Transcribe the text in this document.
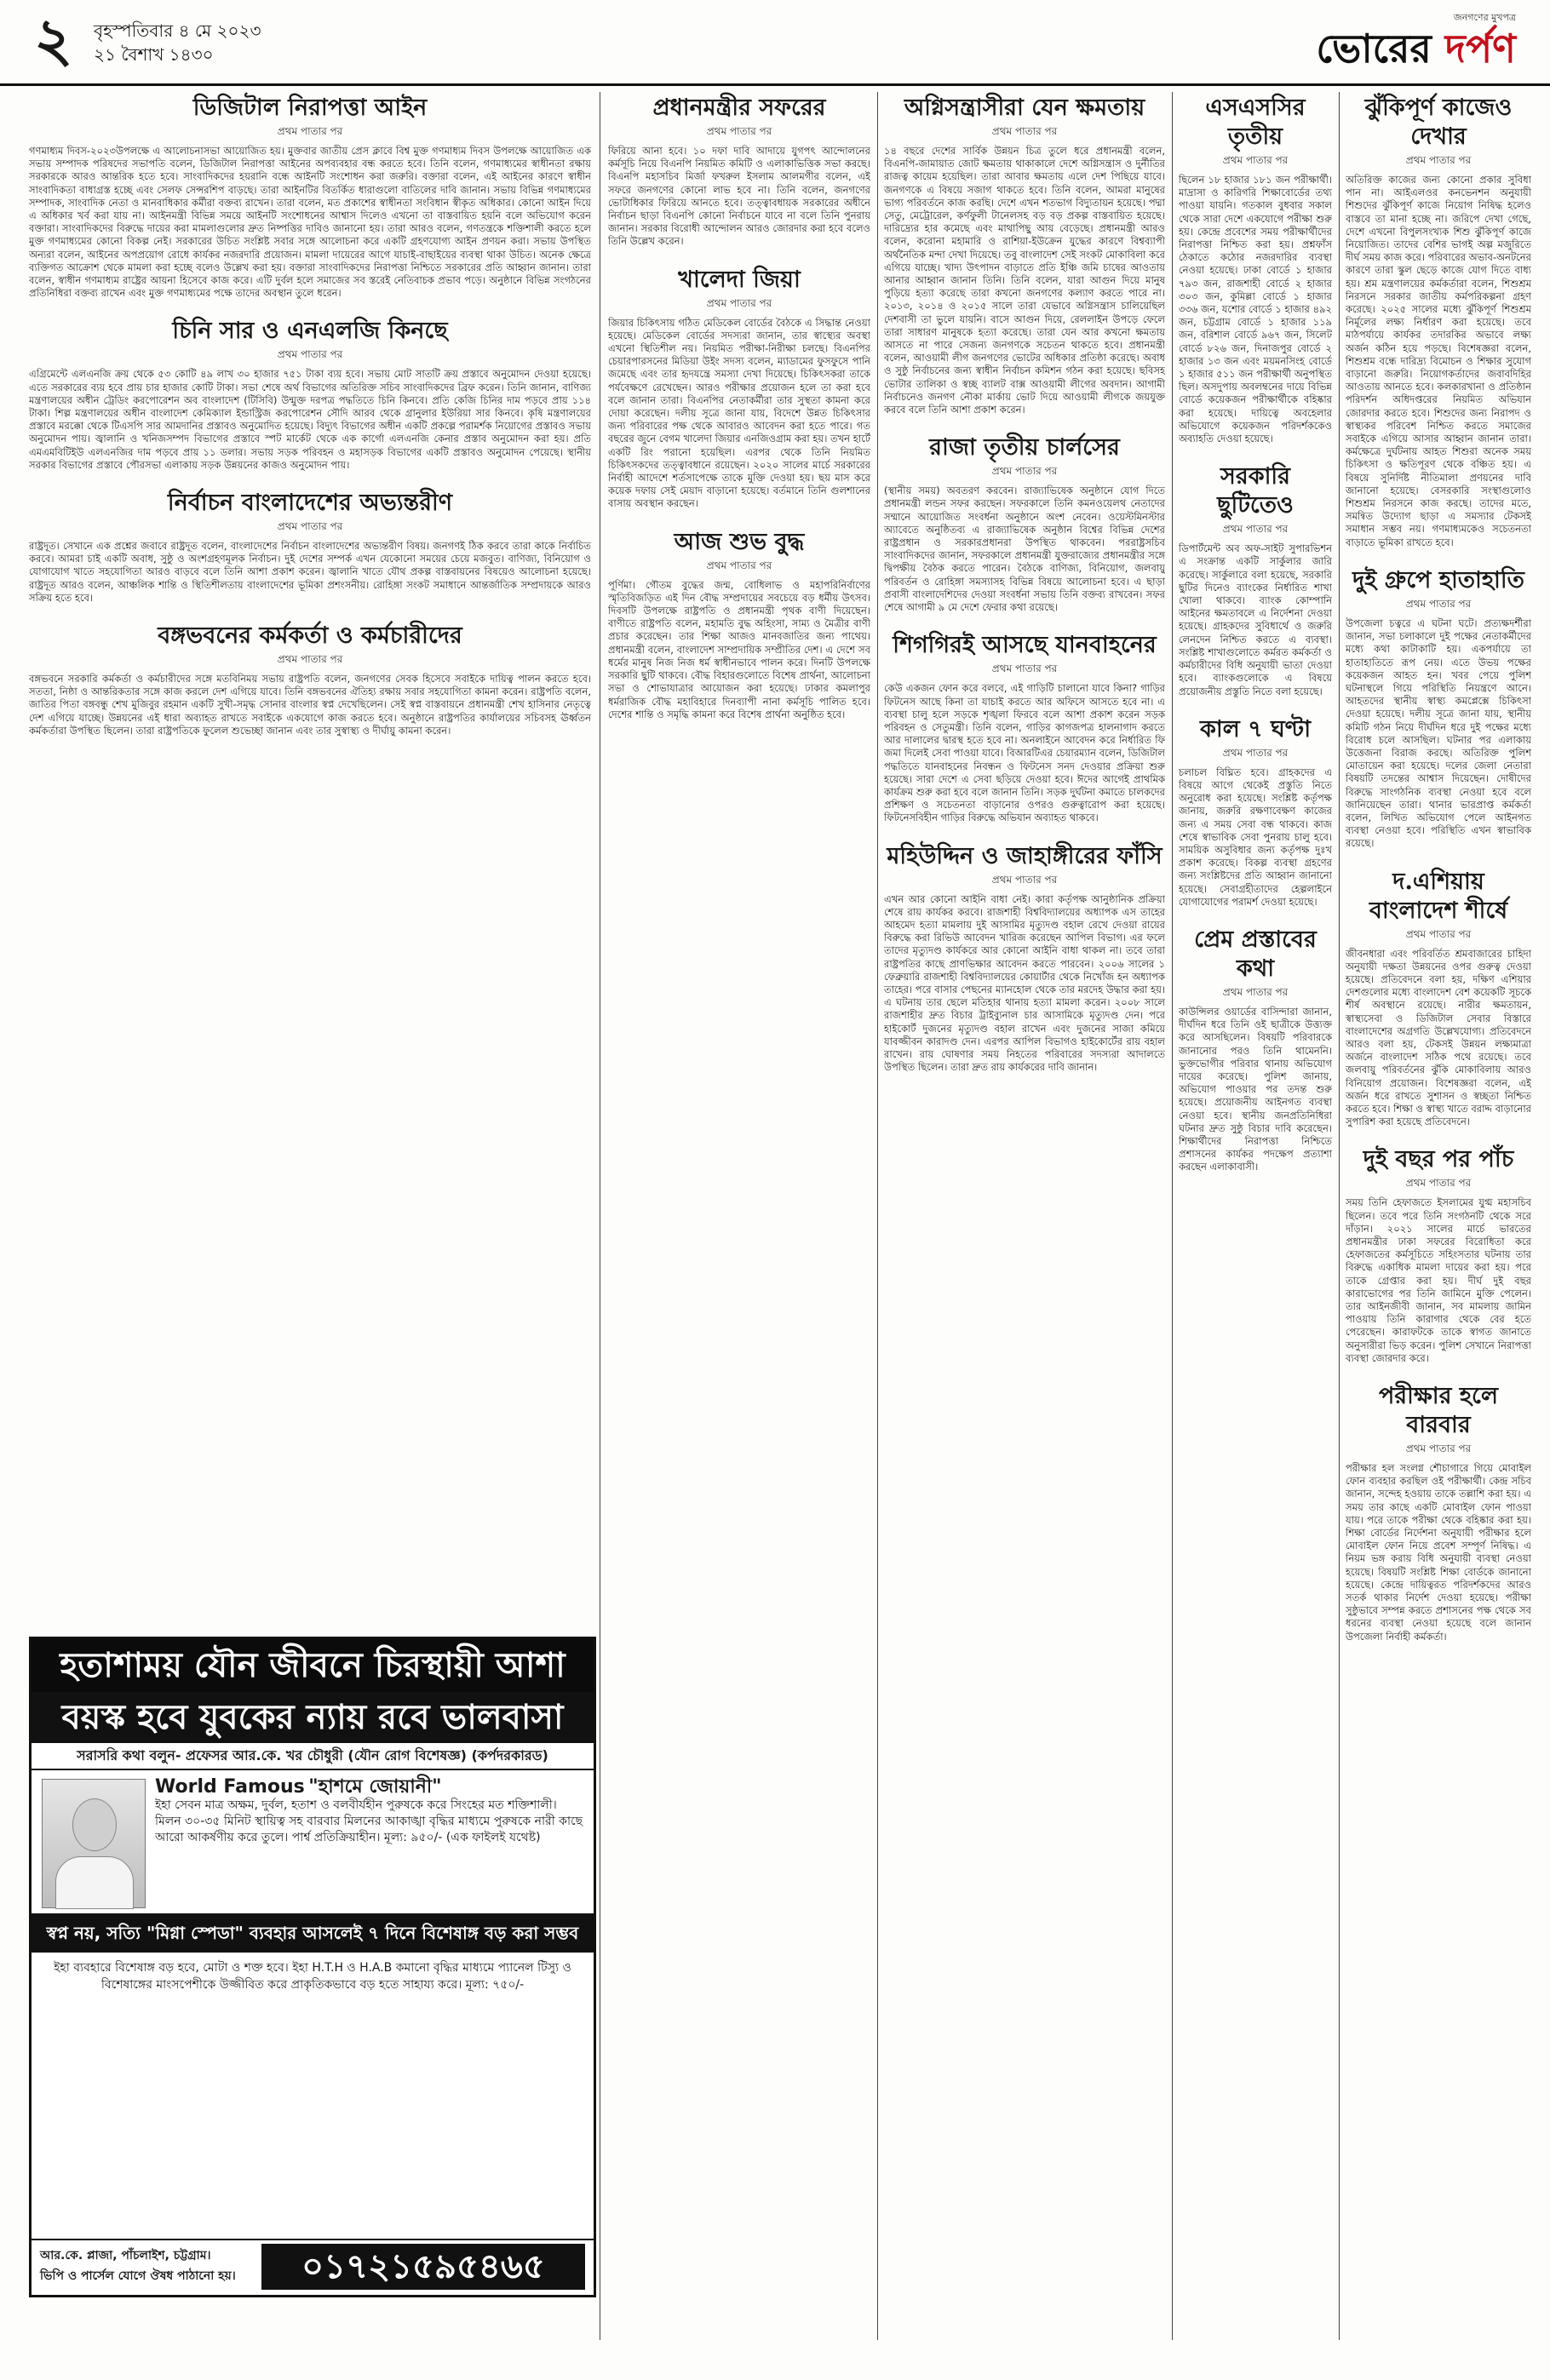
২ বৃহস্পতিবার ৪ মে ২০২৩
২১ বৈশাখ ১৪৩০
জনগণের মুখপত্র
ভোরের দর্পণ
ডিজিটাল নিরাপত্তা আইন
প্রথম পাতার পর
গণমাধ্যম দিবস-২০২৩উপলক্ষে এ আলোচনাসভা আয়োজিত হয়। মুক্তবার জাতীয় প্রেস ক্লাবে বিশ্ব মুক্ত গণমাধ্যম দিবস উপলক্ষে আয়োজিত এক সভায় সম্পাদক পরিষদের সভাপতি বলেন, ডিজিটাল নিরাপত্তা আইনের অপব্যবহার বন্ধ করতে হবে। তিনি বলেন, গণমাধ্যমের স্বাধীনতা রক্ষায় সরকারকে আরও আন্তরিক হতে হবে। সাংবাদিকদের হয়রানি বন্ধে আইনটি সংশোধন করা জরুরি। বক্তারা বলেন, এই আইনের কারণে স্বাধীন সাংবাদিকতা বাধাগ্রস্ত হচ্ছে এবং সেলফ সেন্সরশিপ বাড়ছে। তারা আইনটির বিতর্কিত ধারাগুলো বাতিলের দাবি জানান। সভায় বিভিন্ন গণমাধ্যমের সম্পাদক, সাংবাদিক নেতা ও মানবাধিকার কর্মীরা বক্তব্য রাখেন। তারা বলেন, মত প্রকাশের স্বাধীনতা সংবিধান স্বীকৃত অধিকার। কোনো আইন দিয়ে এ অধিকার খর্ব করা যায় না। আইনমন্ত্রী বিভিন্ন সময়ে আইনটি সংশোধনের আশ্বাস দিলেও এখনো তা বাস্তবায়িত হয়নি বলে অভিযোগ করেন বক্তারা। সাংবাদিকদের বিরুদ্ধে দায়ের করা মামলাগুলোর দ্রুত নিষ্পত্তির দাবিও জানানো হয়। তারা আরও বলেন, গণতন্ত্রকে শক্তিশালী করতে হলে মুক্ত গণমাধ্যমের কোনো বিকল্প নেই। সরকারের উচিত সংশ্লিষ্ট সবার সঙ্গে আলোচনা করে একটি গ্রহণযোগ্য আইন প্রণয়ন করা। সভায় উপস্থিত অন্যরা বলেন, আইনের অপপ্রয়োগ রোধে কার্যকর নজরদারি প্রয়োজন। মামলা দায়েরের আগে যাচাই-বাছাইয়ের ব্যবস্থা থাকা উচিত। অনেক ক্ষেত্রে ব্যক্তিগত আক্রোশ থেকে মামলা করা হচ্ছে বলেও উল্লেখ করা হয়। বক্তারা সাংবাদিকদের নিরাপত্তা নিশ্চিতে সরকারের প্রতি আহ্বান জানান। তারা বলেন, স্বাধীন গণমাধ্যম রাষ্ট্রের আয়না হিসেবে কাজ করে। এটি দুর্বল হলে সমাজের সব স্তরেই নেতিবাচক প্রভাব পড়ে। অনুষ্ঠানে বিভিন্ন সংগঠনের প্রতিনিধিরা বক্তব্য রাখেন এবং মুক্ত গণমাধ্যমের পক্ষে তাদের অবস্থান তুলে ধরেন।
চিনি সার ও এনএলজি কিনছে
প্রথম পাতার পর
এগ্রিমেন্টে এলএনজি ক্রয় থেকে ৫৩ কোটি ৪৯ লাখ ৩০ হাজার ৭৫১ টাকা ব্যয় হবে। সভায় মোট সাতটি ক্রয় প্রস্তাবে অনুমোদন দেওয়া হয়েছে। এতে সরকারের ব্যয় হবে প্রায় চার হাজার কোটি টাকা। সভা শেষে অর্থ বিভাগের অতিরিক্ত সচিব সাংবাদিকদের ব্রিফ করেন। তিনি জানান, বাণিজ্য মন্ত্রণালয়ের অধীন ট্রেডিং করপোরেশন অব বাংলাদেশ (টিসিবি) উন্মুক্ত দরপত্র পদ্ধতিতে চিনি কিনবে। প্রতি কেজি চিনির দাম পড়বে প্রায় ১১৪ টাকা। শিল্প মন্ত্রণালয়ের অধীন বাংলাদেশ কেমিক্যাল ইন্ডাস্ট্রিজ করপোরেশন সৌদি আরব থেকে গ্রানুলার ইউরিয়া সার কিনবে। কৃষি মন্ত্রণালয়ের প্রস্তাবে মরক্কো থেকে টিএসপি সার আমদানির প্রস্তাবও অনুমোদিত হয়েছে। বিদ্যুৎ বিভাগের অধীন একটি প্রকল্পে পরামর্শক নিয়োগের প্রস্তাবও সভায় অনুমোদন পায়। জ্বালানি ও খনিজসম্পদ বিভাগের প্রস্তাবে স্পট মার্কেট থেকে এক কার্গো এলএনজি কেনার প্রস্তাব অনুমোদন করা হয়। প্রতি এমএমবিটিইউ এলএনজির দাম পড়বে প্রায় ১১ ডলার। সভায় সড়ক পরিবহন ও মহাসড়ক বিভাগের একটি প্রস্তাবও অনুমোদন পেয়েছে। স্থানীয় সরকার বিভাগের প্রস্তাবে পৌরসভা এলাকায় সড়ক উন্নয়নের কাজও অনুমোদন পায়।
নির্বাচন বাংলাদেশের অভ্যন্তরীণ
প্রথম পাতার পর
রাষ্ট্রদূত। সেখানে এক প্রশ্নের জবাবে রাষ্ট্রদূত বলেন, বাংলাদেশের নির্বাচন বাংলাদেশের অভ্যন্তরীণ বিষয়। জনগণই ঠিক করবে তারা কাকে নির্বাচিত করবে। আমরা চাই একটি অবাধ, সুষ্ঠু ও অংশগ্রহণমূলক নির্বাচন। দুই দেশের সম্পর্ক এখন যেকোনো সময়ের চেয়ে মজবুত। বাণিজ্য, বিনিয়োগ ও যোগাযোগ খাতে সহযোগিতা আরও বাড়বে বলে তিনি আশা প্রকাশ করেন। জ্বালানি খাতে যৌথ প্রকল্প বাস্তবায়নের বিষয়েও আলোচনা হয়েছে। রাষ্ট্রদূত আরও বলেন, আঞ্চলিক শান্তি ও স্থিতিশীলতায় বাংলাদেশের ভূমিকা প্রশংসনীয়। রোহিঙ্গা সংকট সমাধানে আন্তর্জাতিক সম্প্রদায়কে আরও সক্রিয় হতে হবে।
বঙ্গভবনের কর্মকর্তা ও কর্মচারীদের
প্রথম পাতার পর
বঙ্গভবনে সরকারি কর্মকর্তা ও কর্মচারীদের সঙ্গে মতবিনিময় সভায় রাষ্ট্রপতি বলেন, জনগণের সেবক হিসেবে সবাইকে দায়িত্ব পালন করতে হবে। সততা, নিষ্ঠা ও আন্তরিকতার সঙ্গে কাজ করলে দেশ এগিয়ে যাবে। তিনি বঙ্গভবনের ঐতিহ্য রক্ষায় সবার সহযোগিতা কামনা করেন। রাষ্ট্রপতি বলেন, জাতির পিতা বঙ্গবন্ধু শেখ মুজিবুর রহমান একটি সুখী-সমৃদ্ধ সোনার বাংলার স্বপ্ন দেখেছিলেন। সেই স্বপ্ন বাস্তবায়নে প্রধানমন্ত্রী শেখ হাসিনার নেতৃত্বে দেশ এগিয়ে যাচ্ছে। উন্নয়নের এই ধারা অব্যাহত রাখতে সবাইকে একযোগে কাজ করতে হবে। অনুষ্ঠানে রাষ্ট্রপতির কার্যালয়ের সচিবসহ ঊর্ধ্বতন কর্মকর্তারা উপস্থিত ছিলেন। তারা রাষ্ট্রপতিকে ফুলেল শুভেচ্ছা জানান এবং তার সুস্বাস্থ্য ও দীর্ঘায়ু কামনা করেন।
প্রধানমন্ত্রীর সফরের
প্রথম পাতার পর
ফিরিয়ে আনা হবে। ১০ দফা দাবি আদায়ে যুগপৎ আন্দোলনের কর্মসূচি নিয়ে বিএনপি নিয়মিত কমিটি ও এলাকাভিত্তিক সভা করছে। বিএনপি মহাসচিব মির্জা ফখরুল ইসলাম আলমগীর বলেন, এই সফরে জনগণের কোনো লাভ হবে না। তিনি বলেন, জনগণের ভোটাধিকার ফিরিয়ে আনতে হবে। তত্ত্বাবধায়ক সরকারের অধীনে নির্বাচন ছাড়া বিএনপি কোনো নির্বাচনে যাবে না বলে তিনি পুনরায় জানান। সরকার বিরোধী আন্দোলন আরও জোরদার করা হবে বলেও তিনি উল্লেখ করেন।
খালেদা জিয়া
প্রথম পাতার পর
জিয়ার চিকিৎসায় গঠিত মেডিকেল বোর্ডের বৈঠকে এ সিদ্ধান্ত নেওয়া হয়েছে। মেডিকেল বোর্ডের সদস্যরা জানান, তার স্বাস্থ্যের অবস্থা এখনো স্থিতিশীল নয়। নিয়মিত পরীক্ষা-নিরীক্ষা চলছে। বিএনপির চেয়ারপারসনের মিডিয়া উইং সদস্য বলেন, ম্যাডামের ফুসফুসে পানি জমেছে এবং তার হৃদযন্ত্রে সমস্যা দেখা দিয়েছে। চিকিৎসকরা তাকে পর্যবেক্ষণে রেখেছেন। আরও পরীক্ষার প্রয়োজন হলে তা করা হবে বলে জানান তারা। বিএনপির নেতাকর্মীরা তার সুস্থতা কামনা করে দোয়া করেছেন। দলীয় সূত্রে জানা যায়, বিদেশে উন্নত চিকিৎসার জন্য পরিবারের পক্ষ থেকে আবারও আবেদন করা হতে পারে। গত বছরের জুনে বেগম খালেদা জিয়ার এনজিওগ্রাম করা হয়। তখন হার্টে একটি রিং পরানো হয়েছিল। এরপর থেকে তিনি নিয়মিত চিকিৎসকদের তত্ত্বাবধানে রয়েছেন। ২০২০ সালের মার্চে সরকারের নির্বাহী আদেশে শর্তসাপেক্ষে তাকে মুক্তি দেওয়া হয়। ছয় মাস করে কয়েক দফায় সেই মেয়াদ বাড়ানো হয়েছে। বর্তমানে তিনি গুলশানের বাসায় অবস্থান করছেন।
আজ শুভ বুদ্ধ
প্রথম পাতার পর
পূর্ণিমা। গৌতম বুদ্ধের জন্ম, বোধিলাভ ও মহাপরিনির্বাণের স্মৃতিবিজড়িত এই দিন বৌদ্ধ সম্প্রদায়ের সবচেয়ে বড় ধর্মীয় উৎসব। দিবসটি উপলক্ষে রাষ্ট্রপতি ও প্রধানমন্ত্রী পৃথক বাণী দিয়েছেন। বাণীতে রাষ্ট্রপতি বলেন, মহামতি বুদ্ধ অহিংসা, সাম্য ও মৈত্রীর বাণী প্রচার করেছেন। তার শিক্ষা আজও মানবজাতির জন্য পাথেয়। প্রধানমন্ত্রী বলেন, বাংলাদেশ সাম্প্রদায়িক সম্প্রীতির দেশ। এ দেশে সব ধর্মের মানুষ নিজ নিজ ধর্ম স্বাধীনভাবে পালন করে। দিনটি উপলক্ষে সরকারি ছুটি থাকবে। বৌদ্ধ বিহারগুলোতে বিশেষ প্রার্থনা, আলোচনা সভা ও শোভাযাত্রার আয়োজন করা হয়েছে। ঢাকার কমলাপুর ধর্মরাজিক বৌদ্ধ মহাবিহারে দিনব্যাপী নানা কর্মসূচি পালিত হবে। দেশের শান্তি ও সমৃদ্ধি কামনা করে বিশেষ প্রার্থনা অনুষ্ঠিত হবে।
অগ্নিসন্ত্রাসীরা যেন ক্ষমতায়
প্রথম পাতার পর
১৪ বছরে দেশের সার্বিক উন্নয়ন চিত্র তুলে ধরে প্রধানমন্ত্রী বলেন, বিএনপি-জামায়াত জোট ক্ষমতায় থাকাকালে দেশে অগ্নিসন্ত্রাস ও দুর্নীতির রাজত্ব কায়েম হয়েছিল। তারা আবার ক্ষমতায় এলে দেশ পিছিয়ে যাবে। জনগণকে এ বিষয়ে সজাগ থাকতে হবে। তিনি বলেন, আমরা মানুষের ভাগ্য পরিবর্তনে কাজ করছি। দেশে এখন শতভাগ বিদ্যুতায়ন হয়েছে। পদ্মা সেতু, মেট্রোরেল, কর্ণফুলী টানেলসহ বড় বড় প্রকল্প বাস্তবায়িত হয়েছে। দারিদ্র্যের হার কমেছে এবং মাথাপিছু আয় বেড়েছে। প্রধানমন্ত্রী আরও বলেন, করোনা মহামারি ও রাশিয়া-ইউক্রেন যুদ্ধের কারণে বিশ্বব্যাপী অর্থনৈতিক মন্দা দেখা দিয়েছে। তবু বাংলাদেশ সেই সংকট মোকাবিলা করে এগিয়ে যাচ্ছে। খাদ্য উৎপাদন বাড়াতে প্রতি ইঞ্চি জমি চাষের আওতায় আনার আহ্বান জানান তিনি। তিনি বলেন, যারা আগুন দিয়ে মানুষ পুড়িয়ে হত্যা করেছে তারা কখনো জনগণের কল্যাণ করতে পারে না। ২০১৩, ২০১৪ ও ২০১৫ সালে তারা যেভাবে অগ্নিসন্ত্রাস চালিয়েছিল দেশবাসী তা ভুলে যায়নি। বাসে আগুন দিয়ে, রেললাইন উপড়ে ফেলে তারা সাধারণ মানুষকে হত্যা করেছে। তারা যেন আর কখনো ক্ষমতায় আসতে না পারে সেজন্য জনগণকে সচেতন থাকতে হবে। প্রধানমন্ত্রী বলেন, আওয়ামী লীগ জনগণের ভোটের অধিকার প্রতিষ্ঠা করেছে। অবাধ ও সুষ্ঠু নির্বাচনের জন্য স্বাধীন নির্বাচন কমিশন গঠন করা হয়েছে। ছবিসহ ভোটার তালিকা ও স্বচ্ছ ব্যালট বাক্স আওয়ামী লীগের অবদান। আগামী নির্বাচনেও জনগণ নৌকা মার্কায় ভোট দিয়ে আওয়ামী লীগকে জয়যুক্ত করবে বলে তিনি আশা প্রকাশ করেন।
রাজা তৃতীয় চার্লসের
প্রথম পাতার পর
(স্থানীয় সময়) অবতরণ করবেন। রাজ্যাভিষেক অনুষ্ঠানে যোগ দিতে প্রধানমন্ত্রী লন্ডন সফর করছেন। সফরকালে তিনি কমনওয়েলথ নেতাদের সম্মানে আয়োজিত সংবর্ধনা অনুষ্ঠানে অংশ নেবেন। ওয়েস্টমিনস্টার অ্যাবেতে অনুষ্ঠিতব্য এ রাজ্যাভিষেক অনুষ্ঠান বিশ্বের বিভিন্ন দেশের রাষ্ট্রপ্রধান ও সরকারপ্রধানরা উপস্থিত থাকবেন। পররাষ্ট্রসচিব সাংবাদিকদের জানান, সফরকালে প্রধানমন্ত্রী যুক্তরাজ্যের প্রধানমন্ত্রীর সঙ্গে দ্বিপক্ষীয় বৈঠক করতে পারেন। বৈঠকে বাণিজ্য, বিনিয়োগ, জলবায়ু পরিবর্তন ও রোহিঙ্গা সমস্যাসহ বিভিন্ন বিষয়ে আলোচনা হবে। এ ছাড়া প্রবাসী বাংলাদেশিদের দেওয়া সংবর্ধনা সভায় তিনি বক্তব্য রাখবেন। সফর শেষে আগামী ৯ মে দেশে ফেরার কথা রয়েছে।
শিগগিরই আসছে যানবাহনের
প্রথম পাতার পর
কেউ একজন ফোন করে বলবে, এই গাড়িটি চালানো যাবে কিনা? গাড়ির ফিটনেস আছে কিনা তা যাচাই করতে আর অফিসে আসতে হবে না। এ ব্যবস্থা চালু হলে সড়কে শৃঙ্খলা ফিরবে বলে আশা প্রকাশ করেন সড়ক পরিবহন ও সেতুমন্ত্রী। তিনি বলেন, গাড়ির কাগজপত্র হালনাগাদ করতে আর দালালের দ্বারস্থ হতে হবে না। অনলাইনে আবেদন করে নির্ধারিত ফি জমা দিলেই সেবা পাওয়া যাবে। বিআরটিএর চেয়ারম্যান বলেন, ডিজিটাল পদ্ধতিতে যানবাহনের নিবন্ধন ও ফিটনেস সনদ দেওয়ার প্রক্রিয়া শুরু হয়েছে। সারা দেশে এ সেবা ছড়িয়ে দেওয়া হবে। ঈদের আগেই প্রাথমিক কার্যক্রম শুরু করা হবে বলে জানান তিনি। সড়ক দুর্ঘটনা কমাতে চালকদের প্রশিক্ষণ ও সচেতনতা বাড়ানোর ওপরও গুরুত্বারোপ করা হয়েছে। ফিটনেসবিহীন গাড়ির বিরুদ্ধে অভিযান অব্যাহত থাকবে।
মহিউদ্দিন ও জাহাঙ্গীরের ফাঁসি
প্রথম পাতার পর
এখন আর কোনো আইনি বাধা নেই। কারা কর্তৃপক্ষ আনুষ্ঠানিক প্রক্রিয়া শেষে রায় কার্যকর করবে। রাজশাহী বিশ্ববিদ্যালয়ের অধ্যাপক এস তাহের আহমেদ হত্যা মামলায় দুই আসামির মৃত্যুদণ্ড বহাল রেখে দেওয়া রায়ের বিরুদ্ধে করা রিভিউ আবেদন খারিজ করেছেন আপিল বিভাগ। এর ফলে তাদের মৃত্যুদণ্ড কার্যকরে আর কোনো আইনি বাধা থাকল না। তবে তারা রাষ্ট্রপতির কাছে প্রাণভিক্ষার আবেদন করতে পারবেন। ২০০৬ সালের ১ ফেব্রুয়ারি রাজশাহী বিশ্ববিদ্যালয়ের কোয়ার্টার থেকে নিখোঁজ হন অধ্যাপক তাহের। পরে বাসার পেছনের ম্যানহোল থেকে তার মরদেহ উদ্ধার করা হয়। এ ঘটনায় তার ছেলে মতিহার থানায় হত্যা মামলা করেন। ২০০৮ সালে রাজশাহীর দ্রুত বিচার ট্রাইব্যুনাল চার আসামিকে মৃত্যুদণ্ড দেন। পরে হাইকোর্ট দুজনের মৃত্যুদণ্ড বহাল রাখেন এবং দুজনের সাজা কমিয়ে যাবজ্জীবন কারাদণ্ড দেন। এরপর আপিল বিভাগও হাইকোর্টের রায় বহাল রাখেন। রায় ঘোষণার সময় নিহতের পরিবারের সদস্যরা আদালতে উপস্থিত ছিলেন। তারা দ্রুত রায় কার্যকরের দাবি জানান।
এসএসসির তৃতীয়
প্রথম পাতার পর
ছিলেন ১৮ হাজার ১৮১ জন পরীক্ষার্থী। মাদ্রাসা ও কারিগরি শিক্ষাবোর্ডের তথ্য পাওয়া যায়নি। গতকাল বুধবার সকাল থেকে সারা দেশে একযোগে পরীক্ষা শুরু হয়। কেন্দ্রে প্রবেশের সময় পরীক্ষার্থীদের নিরাপত্তা নিশ্চিত করা হয়। প্রশ্নফাঁস ঠেকাতে কঠোর নজরদারির ব্যবস্থা নেওয়া হয়েছে। ঢাকা বোর্ডে ১ হাজার ৭৯৩ জন, রাজশাহী বোর্ডে ২ হাজার ৩০৩ জন, কুমিল্লা বোর্ডে ১ হাজার ৩৩৬ জন, যশোর বোর্ডে ১ হাজার ৪৯২ জন, চট্টগ্রাম বোর্ডে ১ হাজার ১১৯ জন, বরিশাল বোর্ডে ৯৬৭ জন, সিলেট বোর্ডে ৮২৬ জন, দিনাজপুর বোর্ডে ২ হাজার ১৩ জন এবং ময়মনসিংহ বোর্ডে ১ হাজার ৫১১ জন পরীক্ষার্থী অনুপস্থিত ছিল। অসদুপায় অবলম্বনের দায়ে বিভিন্ন বোর্ডে কয়েকজন পরীক্ষার্থীকে বহিষ্কার করা হয়েছে। দায়িত্বে অবহেলার অভিযোগে কয়েকজন পরিদর্শককেও অব্যাহতি দেওয়া হয়েছে।
সরকারি ছুটিতেও
প্রথম পাতার পর
ডিপার্টমেন্ট অব অফ-সাইট সুপারভিশন এ সংক্রান্ত একটি সার্কুলার জারি করেছে। সার্কুলারে বলা হয়েছে, সরকারি ছুটির দিনেও ব্যাংকের নির্ধারিত শাখা খোলা থাকবে। ব্যাংক কোম্পানি আইনের ক্ষমতাবলে এ নির্দেশনা দেওয়া হয়েছে। গ্রাহকদের সুবিধার্থে ও জরুরি লেনদেন নিশ্চিত করতে এ ব্যবস্থা। সংশ্লিষ্ট শাখাগুলোতে কর্মরত কর্মকর্তা ও কর্মচারীদের বিধি অনুযায়ী ভাতা দেওয়া হবে। ব্যাংকগুলোকে এ বিষয়ে প্রয়োজনীয় প্রস্তুতি নিতে বলা হয়েছে।
কাল ৭ ঘণ্টা
প্রথম পাতার পর
চলাচল বিঘ্নিত হবে। গ্রাহকদের এ বিষয়ে আগে থেকেই প্রস্তুতি নিতে অনুরোধ করা হয়েছে। সংশ্লিষ্ট কর্তৃপক্ষ জানায়, জরুরি রক্ষণাবেক্ষণ কাজের জন্য এ সময় সেবা বন্ধ থাকবে। কাজ শেষে স্বাভাবিক সেবা পুনরায় চালু হবে। সাময়িক অসুবিধার জন্য কর্তৃপক্ষ দুঃখ প্রকাশ করেছে। বিকল্প ব্যবস্থা গ্রহণের জন্য সংশ্লিষ্টদের প্রতি আহ্বান জানানো হয়েছে। সেবাগ্রহীতাদের হেল্পলাইনে যোগাযোগের পরামর্শ দেওয়া হয়েছে।
প্রেম প্রস্তাবের কথা
প্রথম পাতার পর
কাউন্সিলর ওয়ার্ডের বাসিন্দারা জানান, দীর্ঘদিন ধরে তিনি ওই ছাত্রীকে উত্ত্যক্ত করে আসছিলেন। বিষয়টি পরিবারকে জানানোর পরও তিনি থামেননি। ভুক্তভোগীর পরিবার থানায় অভিযোগ দায়ের করেছে। পুলিশ জানায়, অভিযোগ পাওয়ার পর তদন্ত শুরু হয়েছে। প্রয়োজনীয় আইনগত ব্যবস্থা নেওয়া হবে। স্থানীয় জনপ্রতিনিধিরা ঘটনার দ্রুত সুষ্ঠু বিচার দাবি করেছেন। শিক্ষার্থীদের নিরাপত্তা নিশ্চিতে প্রশাসনের কার্যকর পদক্ষেপ প্রত্যাশা করছেন এলাকাবাসী।
ঝুঁকিপূর্ণ কাজেও দেখার
প্রথম পাতার পর
অতিরিক্ত কাজের জন্য কোনো প্রকার সুবিধা পান না। আইএলওর কনভেনশন অনুযায়ী শিশুদের ঝুঁকিপূর্ণ কাজে নিয়োগ নিষিদ্ধ হলেও বাস্তবে তা মানা হচ্ছে না। জরিপে দেখা গেছে, দেশে এখনো বিপুলসংখ্যক শিশু ঝুঁকিপূর্ণ কাজে নিয়োজিত। তাদের বেশির ভাগই অল্প মজুরিতে দীর্ঘ সময় কাজ করে। পরিবারের অভাব-অনটনের কারণে তারা স্কুল ছেড়ে কাজে যোগ দিতে বাধ্য হয়। শ্রম মন্ত্রণালয়ের কর্মকর্তারা বলেন, শিশুশ্রম নিরসনে সরকার জাতীয় কর্মপরিকল্পনা গ্রহণ করেছে। ২০২৫ সালের মধ্যে ঝুঁকিপূর্ণ শিশুশ্রম নির্মূলের লক্ষ্য নির্ধারণ করা হয়েছে। তবে মাঠপর্যায়ে কার্যকর তদারকির অভাবে লক্ষ্য অর্জন কঠিন হয়ে পড়ছে। বিশেষজ্ঞরা বলেন, শিশুশ্রম বন্ধে দারিদ্র্য বিমোচন ও শিক্ষার সুযোগ বাড়ানো জরুরি। নিয়োগকর্তাদের জবাবদিহির আওতায় আনতে হবে। কলকারখানা ও প্রতিষ্ঠান পরিদর্শন অধিদপ্তরের নিয়মিত অভিযান জোরদার করতে হবে। শিশুদের জন্য নিরাপদ ও স্বাস্থ্যকর পরিবেশ নিশ্চিত করতে সমাজের সবাইকে এগিয়ে আসার আহ্বান জানান তারা। কর্মক্ষেত্রে দুর্ঘটনায় আহত শিশুরা অনেক সময় চিকিৎসা ও ক্ষতিপূরণ থেকে বঞ্চিত হয়। এ বিষয়ে সুনির্দিষ্ট নীতিমালা প্রণয়নের দাবি জানানো হয়েছে। বেসরকারি সংস্থাগুলোও শিশুশ্রম নিরসনে কাজ করছে। তাদের মতে, সমন্বিত উদ্যোগ ছাড়া এ সমস্যার টেকসই সমাধান সম্ভব নয়। গণমাধ্যমকেও সচেতনতা বাড়াতে ভূমিকা রাখতে হবে।
দুই গ্রুপে হাতাহাতি
প্রথম পাতার পর
উপজেলা চত্বরে এ ঘটনা ঘটে। প্রত্যক্ষদর্শীরা জানান, সভা চলাকালে দুই পক্ষের নেতাকর্মীদের মধ্যে কথা কাটাকাটি হয়। একপর্যায়ে তা হাতাহাতিতে রূপ নেয়। এতে উভয় পক্ষের কয়েকজন আহত হন। খবর পেয়ে পুলিশ ঘটনাস্থলে গিয়ে পরিস্থিতি নিয়ন্ত্রণে আনে। আহতদের স্থানীয় স্বাস্থ্য কমপ্লেক্সে চিকিৎসা দেওয়া হয়েছে। দলীয় সূত্রে জানা যায়, স্থানীয় কমিটি গঠন নিয়ে দীর্ঘদিন ধরে দুই পক্ষের মধ্যে বিরোধ চলে আসছিল। ঘটনার পর এলাকায় উত্তেজনা বিরাজ করছে। অতিরিক্ত পুলিশ মোতায়েন করা হয়েছে। দলের জেলা নেতারা বিষয়টি তদন্তের আশ্বাস দিয়েছেন। দোষীদের বিরুদ্ধে সাংগঠনিক ব্যবস্থা নেওয়া হবে বলে জানিয়েছেন তারা। থানার ভারপ্রাপ্ত কর্মকর্তা বলেন, লিখিত অভিযোগ পেলে আইনগত ব্যবস্থা নেওয়া হবে। পরিস্থিতি এখন স্বাভাবিক রয়েছে।
দ.এশিয়ায় বাংলাদেশ শীর্ষে
প্রথম পাতার পর
জীবনধারা এবং পরিবর্তিত শ্রমবাজারের চাহিদা অনুযায়ী দক্ষতা উন্নয়নের ওপর গুরুত্ব দেওয়া হয়েছে। প্রতিবেদনে বলা হয়, দক্ষিণ এশিয়ার দেশগুলোর মধ্যে বাংলাদেশ বেশ কয়েকটি সূচকে শীর্ষ অবস্থানে রয়েছে। নারীর ক্ষমতায়ন, স্বাস্থ্যসেবা ও ডিজিটাল সেবার বিস্তারে বাংলাদেশের অগ্রগতি উল্লেখযোগ্য। প্রতিবেদনে আরও বলা হয়, টেকসই উন্নয়ন লক্ষ্যমাত্রা অর্জনে বাংলাদেশ সঠিক পথে রয়েছে। তবে জলবায়ু পরিবর্তনের ঝুঁকি মোকাবিলায় আরও বিনিয়োগ প্রয়োজন। বিশেষজ্ঞরা বলেন, এই অর্জন ধরে রাখতে সুশাসন ও স্বচ্ছতা নিশ্চিত করতে হবে। শিক্ষা ও স্বাস্থ্য খাতে বরাদ্দ বাড়ানোর সুপারিশ করা হয়েছে প্রতিবেদনে।
দুই বছর পর পাঁচ
প্রথম পাতার পর
সময় তিনি হেফাজতে ইসলামের যুগ্ম মহাসচিব ছিলেন। তবে পরে তিনি সংগঠনটি থেকে সরে দাঁড়ান। ২০২১ সালের মার্চে ভারতের প্রধানমন্ত্রীর ঢাকা সফরের বিরোধিতা করে হেফাজতের কর্মসূচিতে সহিংসতার ঘটনায় তার বিরুদ্ধে একাধিক মামলা দায়ের করা হয়। পরে তাকে গ্রেপ্তার করা হয়। দীর্ঘ দুই বছর কারাভোগের পর তিনি জামিনে মুক্তি পেলেন। তার আইনজীবী জানান, সব মামলায় জামিন পাওয়ায় তিনি কারাগার থেকে বের হতে পেরেছেন। কারাফটকে তাকে স্বাগত জানাতে অনুসারীরা ভিড় করেন। পুলিশ সেখানে নিরাপত্তা ব্যবস্থা জোরদার করে।
পরীক্ষার হলে বারবার
প্রথম পাতার পর
পরীক্ষার হল সংলগ্ন শৌচাগারে গিয়ে মোবাইল ফোন ব্যবহার করছিল ওই পরীক্ষার্থী। কেন্দ্র সচিব জানান, সন্দেহ হওয়ায় তাকে তল্লাশি করা হয়। এ সময় তার কাছে একটি মোবাইল ফোন পাওয়া যায়। পরে তাকে পরীক্ষা থেকে বহিষ্কার করা হয়। শিক্ষা বোর্ডের নির্দেশনা অনুযায়ী পরীক্ষার হলে মোবাইল ফোন নিয়ে প্রবেশ সম্পূর্ণ নিষিদ্ধ। এ নিয়ম ভঙ্গ করায় বিধি অনুযায়ী ব্যবস্থা নেওয়া হয়েছে। বিষয়টি সংশ্লিষ্ট শিক্ষা বোর্ডকে জানানো হয়েছে। কেন্দ্রে দায়িত্বরত পরিদর্শকদের আরও সতর্ক থাকার নির্দেশ দেওয়া হয়েছে। পরীক্ষা সুষ্ঠুভাবে সম্পন্ন করতে প্রশাসনের পক্ষ থেকে সব ধরনের ব্যবস্থা নেওয়া হয়েছে বলে জানান উপজেলা নির্বাহী কর্মকর্তা।
হতাশাময় যৌন জীবনে চিরস্থায়ী আশা
বয়স্ক হবে যুবকের ন্যায় রবে ভালবাসা
সরাসরি কথা বলুন- প্রফেসর আর.কে. খর চৌধুরী (যৌন রোগ বিশেষজ্ঞ) (কর্পদরকারড)
World Famous "হাশমে জোয়ানী"
ইহা সেবন মাত্র অক্ষম, দুর্বল, হতাশ ও বলবীর্যহীন পুরুষকে করে সিংহের মত শক্তিশালী। মিলন ৩০-৩৫ মিনিট স্থায়িত্ব সহ বারবার মিলনের আকাঙ্খা বৃদ্ধির মাধ্যমে পুরুষকে নারী কাছে আরো আকর্ষণীয় করে তুলে। পার্শ্ব প্রতিক্রিয়াহীন। মূল্য: ৯৫০/- (এক ফাইলই যথেষ্ট)
স্বপ্ন নয়, সত্যি "মিগ্না স্পেডা" ব্যবহার আসলেই ৭ দিনে বিশেষাঙ্গ বড় করা সম্ভব
ইহা ব্যবহারে বিশেষাঙ্গ বড় হবে, মোটা ও শক্ত হবে। ইহা H.T.H ও H.A.B কমানো বৃদ্ধির মাধ্যমে প্যানেল টিস্যু ও বিশেষাঙ্গের মাংসপেশীকে উজ্জীবিত করে প্রাকৃতিকভাবে বড় হতে সাহায্য করে। মূল্য: ৭৫০/-
আর.কে. প্লাজা, পাঁচলাইশ, চট্টগ্রাম।
ভিপি ও পার্সেল যোগে ঔষধ পাঠানো হয়।	০১৭২১৫৯৫৪৬৫
